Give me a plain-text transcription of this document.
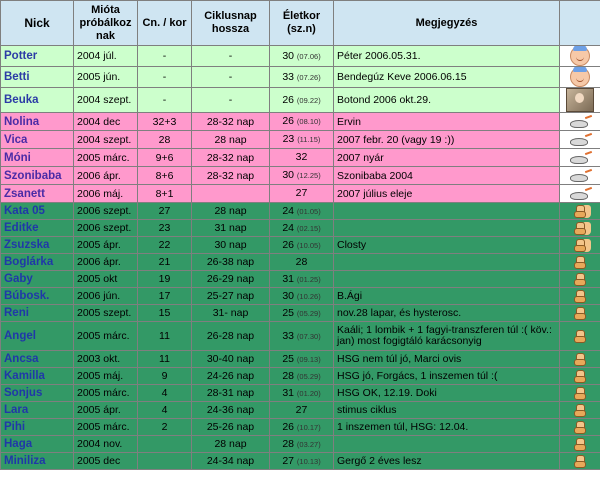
Nick	Mióta próbálkoz nak	Cn. / kor	Ciklusnap hossza	Életkor (sz.n)	Megjegyzés	
Potter	2004 júl.	-	-	30 (07.06)	Péter 2006.05.31.	
Betti	2005 jún.	-	-	33 (07.26)	Bendegúz Keve 2006.06.15	
Beuka	2004 szept.	-	-	26 (09.22)	Botond 2006 okt.29.	
Nolina	2004 dec	32+3	28-32 nap	26 (08.10)	Ervin	
Vica	2004 szept.	28	28 nap	23 (11.15)	2007 febr. 20 (vagy 19 :))	
Móni	2005 márc.	9+6	28-32 nap	32	2007 nyár	
Szonibaba	2006 ápr.	8+6	28-32 nap	30 (12.25)	Szonibaba 2004	
Zsanett	2006 máj.	8+1		27	2007 július eleje	
Kata 05	2006 szept.	27	28 nap	24 (01.05)		
Editke	2006 szept.	23	31 nap	24 (02.15)		
Zsuzska	2005 ápr.	22	30 nap	26 (10.05)	Closty	
Boglárka	2006 ápr.	21	26-38 nap	28		
Gaby	2005 okt	19	26-29 nap	31 (01.25)		
Búbosk.	2006 jún.	17	25-27 nap	30 (10.26)	B.Ági	
Reni	2005 szept.	15	31- nap	25 (05.29)	nov.28 lapar, és hysterosc.	
Angel	2005 márc.	11	26-28 nap	33 (07.30)	Kaáli; 1 lombik + 1 fagyi-transzferen túl :( köv.: jan) most fogigtáló karácsonyig	
Ancsa	2003 okt.	11	30-40 nap	25 (09.13)	HSG nem túl jó, Marci ovis	
Kamilla	2005 máj.	9	24-26 nap	28 (05.29)	HSG jó, Forgács, 1 inszemen túl :(	
Sonjus	2005 márc.	4	28-31 nap	31 (01.20)	HSG OK, 12.19. Doki	
Lara	2005 ápr.	4	24-36 nap	27	stimus ciklus	
Pihi	2005 márc.	2	25-26 nap	26 (10.17)	1 inszemen túl, HSG: 12.04.	
Haga	2004 nov.		28 nap	28 (03.27)		
Miniliza	2005 dec		24-34 nap	27 (10.13)	Gergő 2 éves lesz	
